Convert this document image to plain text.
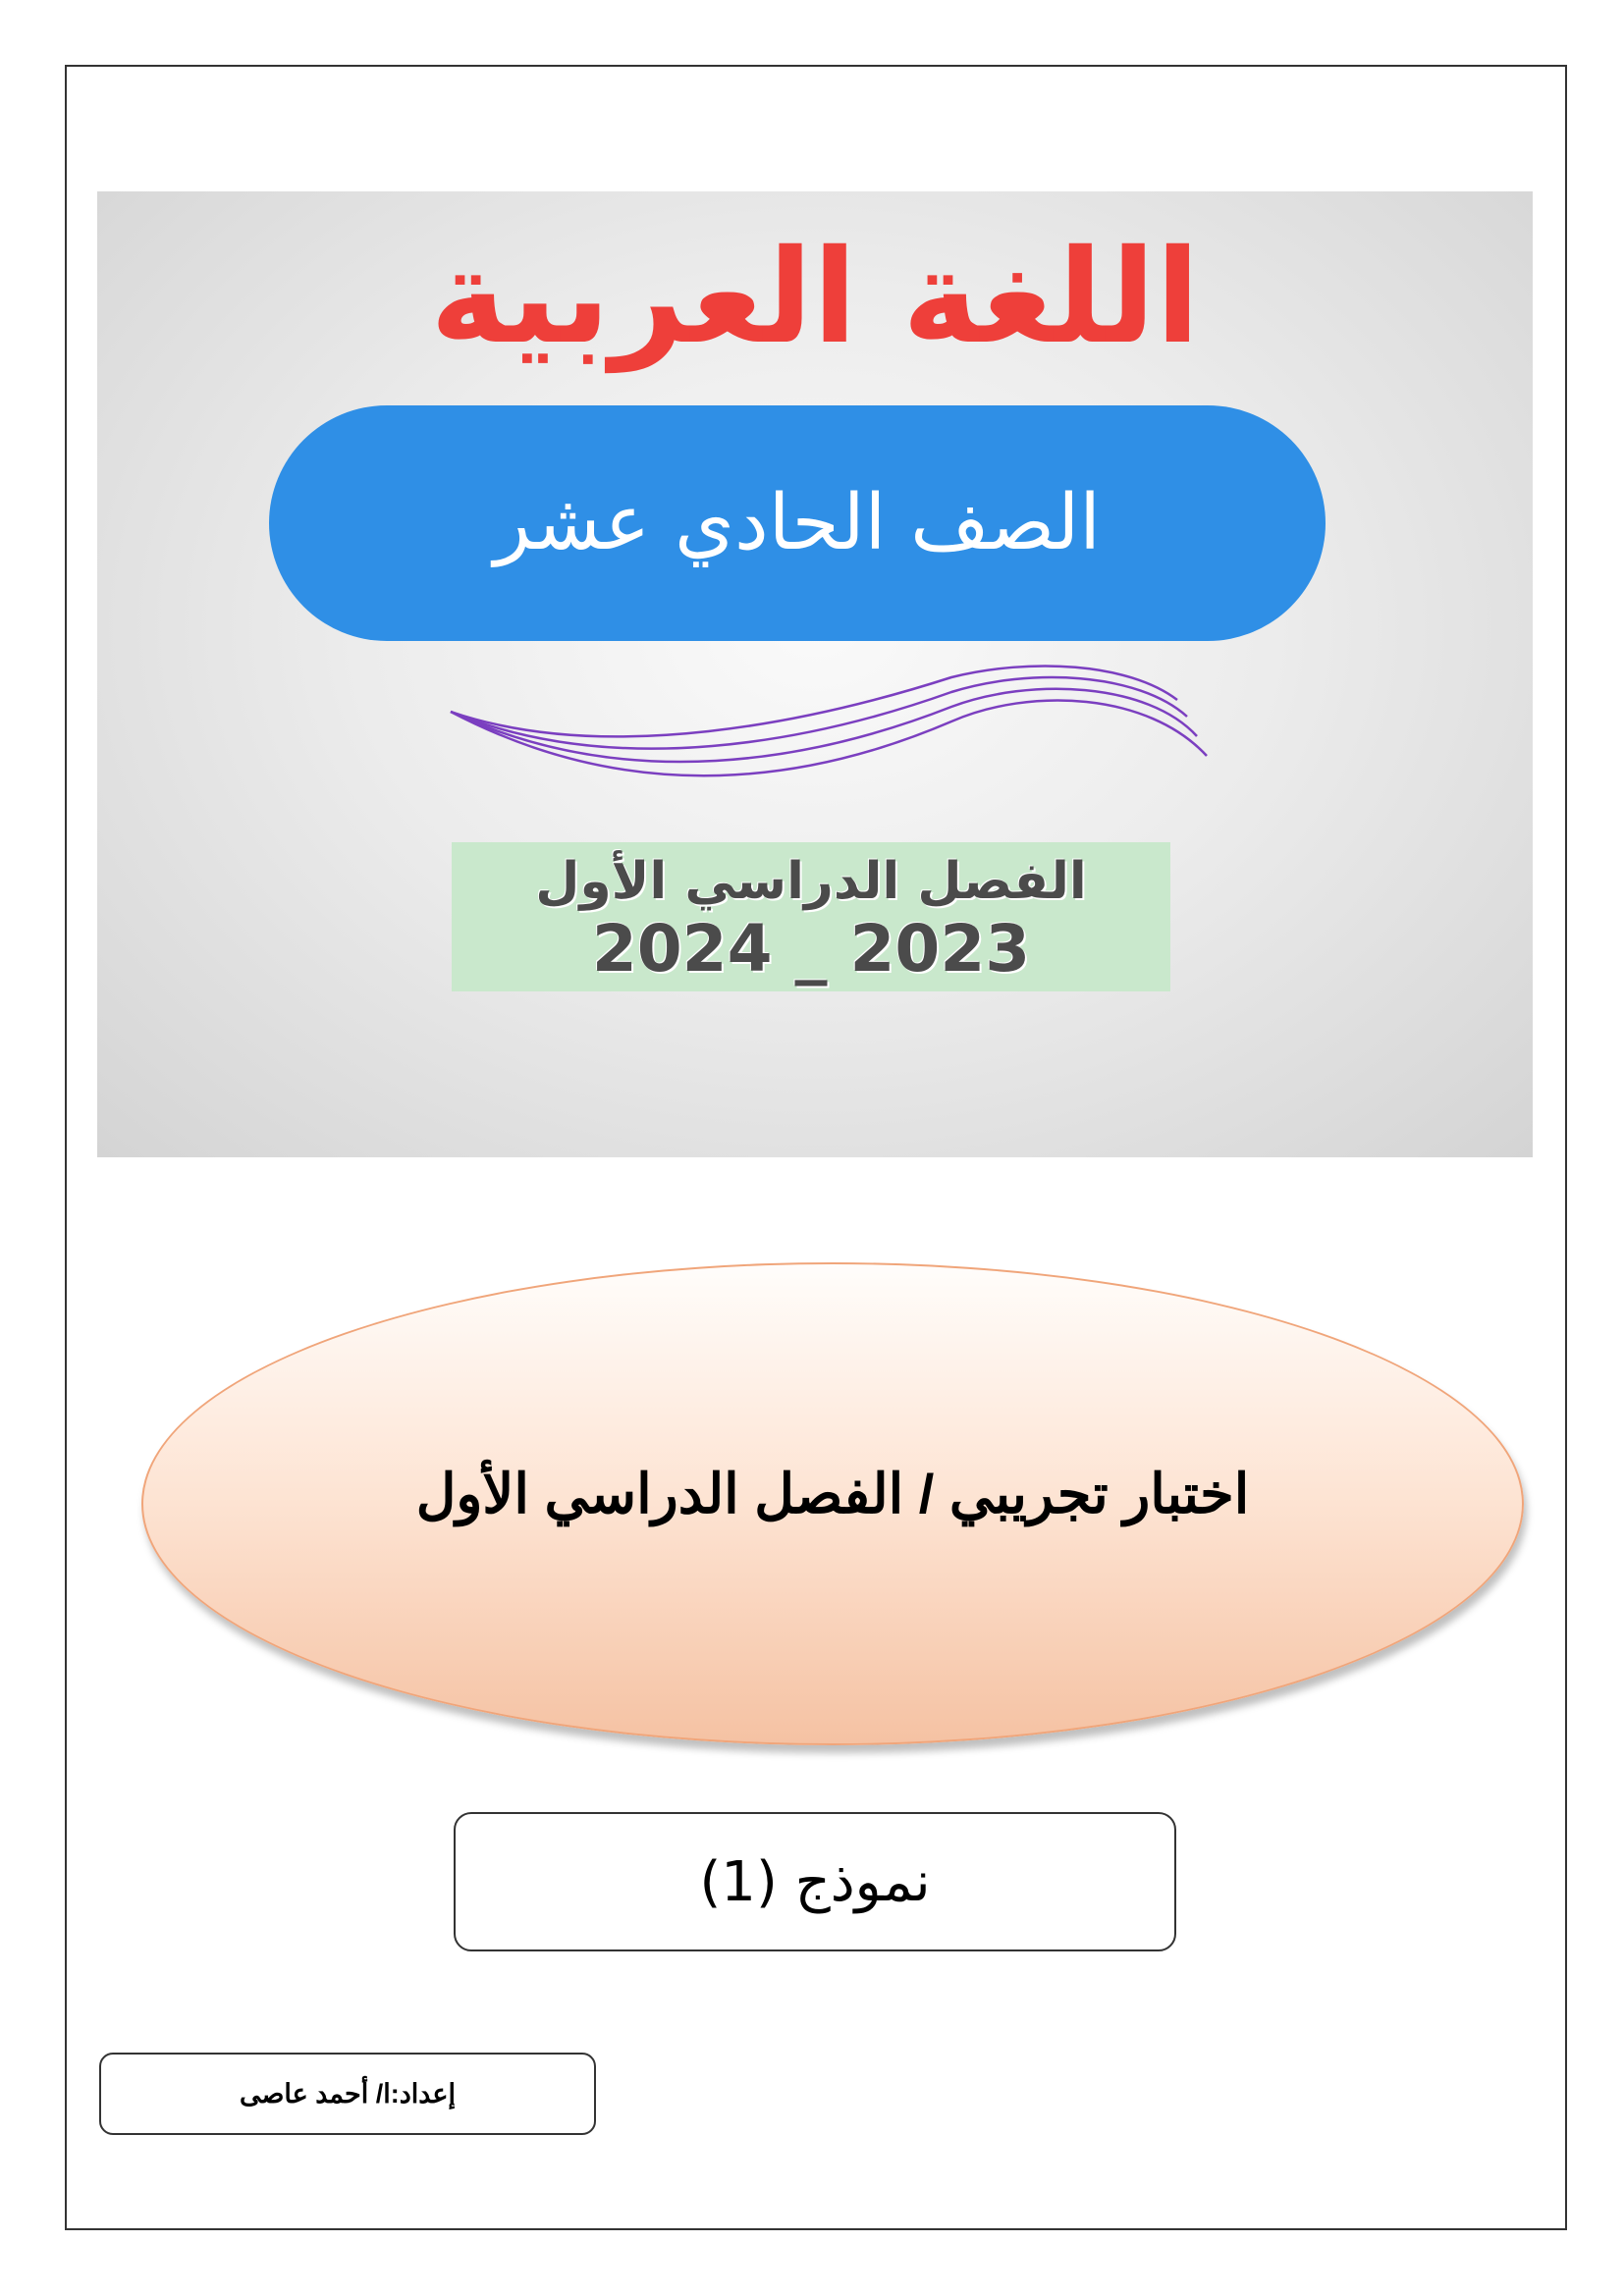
اللغة العربية
الصف الحادي عشر
الفصل الدراسي الأول
2024 _ 2023
اختبار تجريبي / الفصل الدراسي الأول
نموذج (1)
إعداد:ا/ أحمد عاصى
